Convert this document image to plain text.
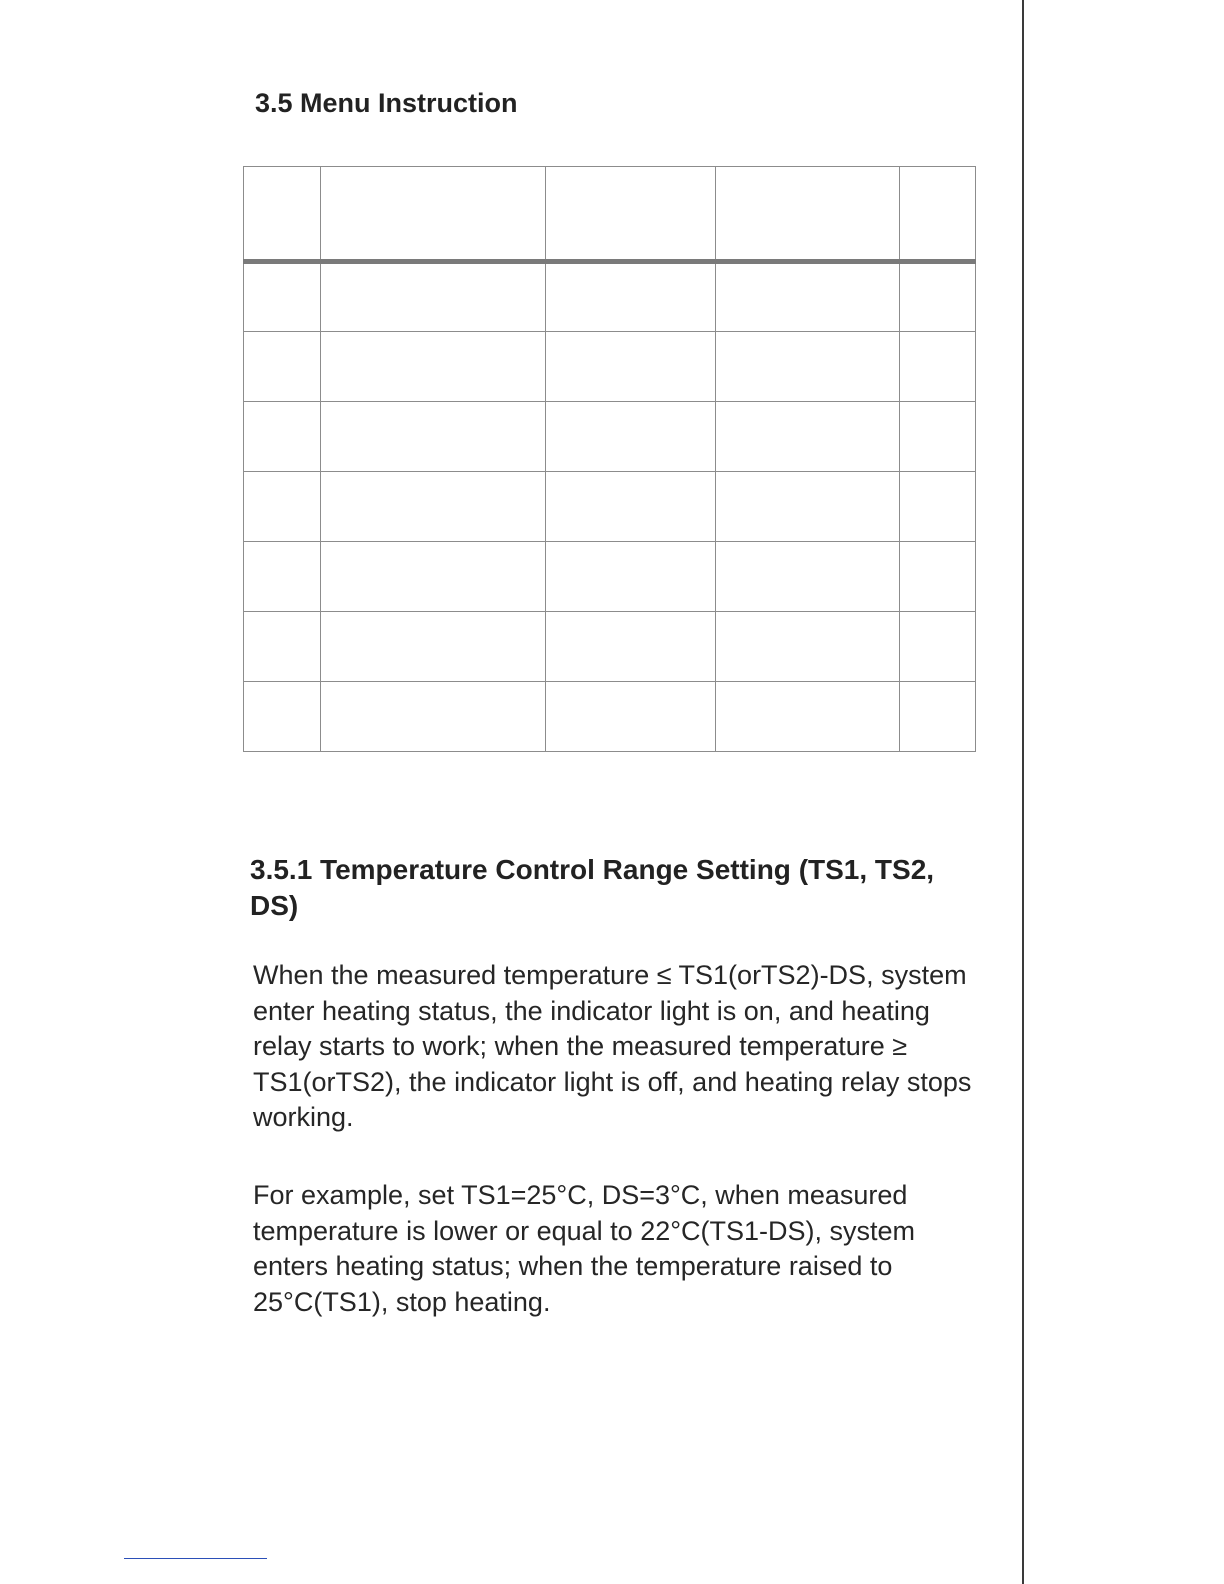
3.5 Menu Instruction

3.5.1 Temperature Control Range Setting (TS1, TS2, DS)

When the measured temperature ≤ TS1(orTS2)-DS, system enter heating status, the indicator light is on, and heating relay starts to work; when the measured temperature ≥ TS1(orTS2), the indicator light is off, and heating relay stops working.

For example, set TS1=25°C, DS=3°C, when measured temperature is lower or equal to 22°C(TS1-DS), system enters heating status; when the temperature raised to 25°C(TS1), stop heating.
